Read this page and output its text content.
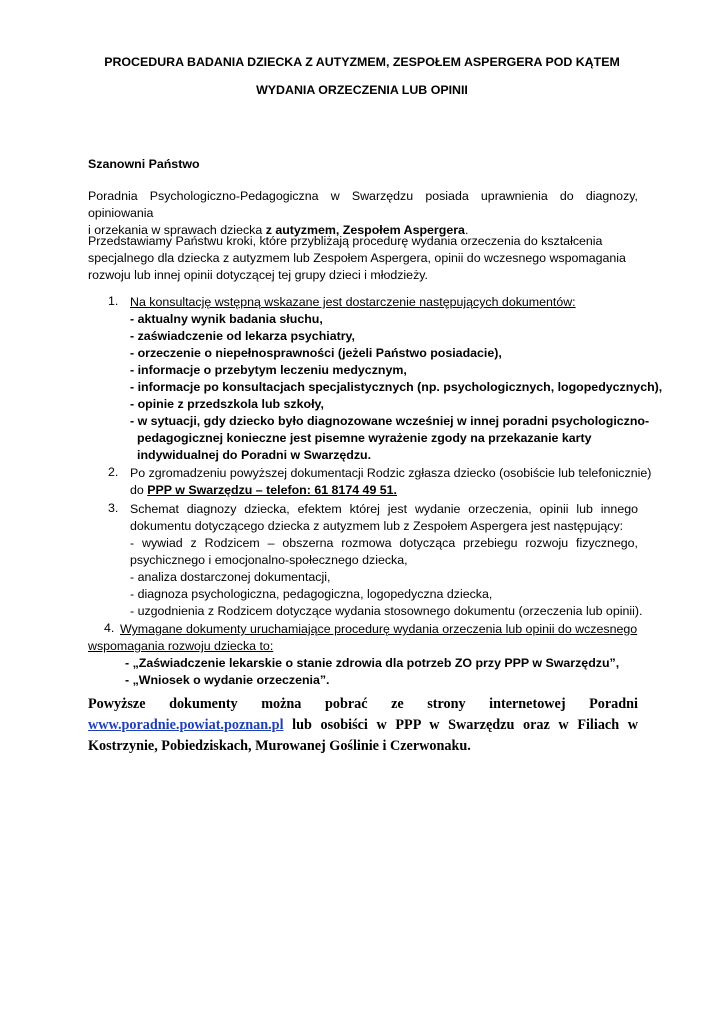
PROCEDURA BADANIA DZIECKA Z AUTYZMEM, ZESPOŁEM ASPERGERA POD KĄTEM
WYDANIA ORZECZENIA LUB OPINII
Szanowni Państwo
Poradnia Psychologiczno-Pedagogiczna w Swarzędzu posiada uprawnienia do diagnozy, opiniowania
i orzekania w sprawach dziecka z autyzmem, Zespołem Aspergera.
Przedstawiamy Państwu kroki, które przybliżają procedurę wydania orzeczenia do kształcenia
specjalnego dla dziecka z autyzmem lub Zespołem Aspergera, opinii do wczesnego wspomagania
rozwoju lub innej opinii dotyczącej tej grupy dzieci i młodzieży.
1. Na konsultację wstępną wskazane jest dostarczenie następujących dokumentów:
- aktualny wynik badania słuchu,
- zaświadczenie od lekarza psychiatry,
- orzeczenie o niepełnosprawności (jeżeli Państwo posiadacie),
- informacje o przebytym leczeniu medycznym,
- informacje po konsultacjach specjalistycznych (np. psychologicznych, logopedycznych),
- opinie z przedszkola lub szkoły,
- w sytuacji, gdy dziecko było diagnozowane wcześniej w innej poradni psychologiczno-
pedagogicznej konieczne jest pisemne wyrażenie zgody na przekazanie karty
indywidualnej do Poradni w Swarzędzu.
2. Po zgromadzeniu powyższej dokumentacji Rodzic zgłasza dziecko (osobiście lub telefonicznie)
do PPP w Swarzędzu – telefon: 61 8174 49 51.
3. Schemat diagnozy dziecka, efektem której jest wydanie orzeczenia, opinii lub innego
dokumentu dotyczącego dziecka z autyzmem lub z Zespołem Aspergera jest następujący:
- wywiad z Rodzicem – obszerna rozmowa dotycząca przebiegu rozwoju fizycznego,
psychicznego i emocjonalno-społecznego dziecka,
- analiza dostarczonej dokumentacji,
- diagnoza psychologiczna, pedagogiczna, logopedyczna dziecka,
- uzgodnienia z Rodzicem dotyczące wydania stosownego dokumentu (orzeczenia lub opinii).
4. Wymagane dokumenty uruchamiające procedurę wydania orzeczenia lub opinii do wczesnego
wspomagania rozwoju dziecka to:
- „Zaświadczenie lekarskie o stanie zdrowia dla potrzeb ZO przy PPP w Swarzędzu”,
- „Wniosek o wydanie orzeczenia”.
Powyższe dokumenty można pobrać ze strony internetowej Poradni
www.poradnie.powiat.poznan.pl lub osobiści w PPP w Swarzędzu oraz w Filiach w
Kostrzynie, Pobiedziskach, Murowanej Goślinie i Czerwonaku.
